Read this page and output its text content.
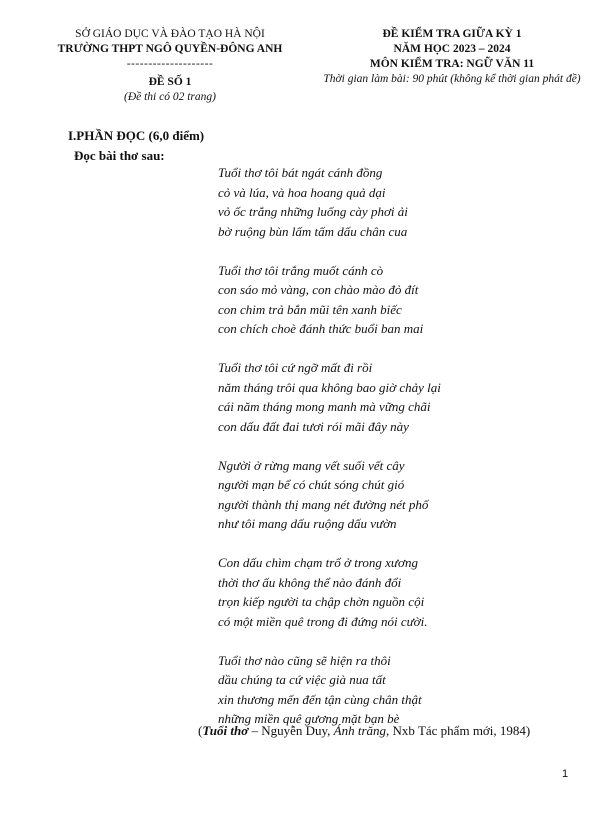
SỞ GIÁO DỤC VÀ ĐÀO TẠO HÀ NỘI
TRƯỜNG THPT NGÔ QUYỀN-ĐÔNG ANH
--------------------
ĐỀ SỐ 1
(Đề thi có 02 trang)
ĐỀ KIỂM TRA GIỮA KỲ 1
NĂM HỌC 2023 – 2024
MÔN KIỂM TRA: NGỮ VĂN 11
Thời gian làm bài: 90 phút (không kể thời gian phát đề)
I.PHẦN ĐỌC (6,0 điểm)
Đọc bài thơ sau:
Tuổi thơ tôi bát ngát cánh đồng
cỏ và lúa, và hoa hoang quả dại
vỏ ốc trắng những luống cày phơi ải
bờ ruộng bùn lấm tấm dấu chân cua
Tuổi thơ tôi trắng muốt cánh cò
con sáo mỏ vàng, con chào mào đỏ đít
con chim trả bắn mũi tên xanh biếc
con chích choè đánh thức buổi ban mai
Tuổi thơ tôi cứ ngỡ mất đi rồi
năm tháng trôi qua không bao giờ chảy lại
cái năm tháng mong manh mà vững chãi
con dấu đất đai tươi rói mãi đây này
Người ở rừng mang vết suối vết cây
người mạn bể có chút sóng chút gió
người thành thị mang nét đường nét phố
như tôi mang dấu ruộng dấu vườn
Con dấu chìm chạm trổ ở trong xương
thời thơ ấu không thể nào đánh đổi
trọn kiếp người ta chập chờn nguồn cội
có một miền quê trong đi đứng nói cười.
Tuổi thơ nào cũng sẽ hiện ra thôi
dầu chúng ta cứ việc già nua tất
xin thương mến đến tận cùng chân thật
những miền quê gương mặt bạn bè
(Tuổi thơ – Nguyễn Duy, Ánh trăng, Nxb Tác phẩm mới, 1984)
1
